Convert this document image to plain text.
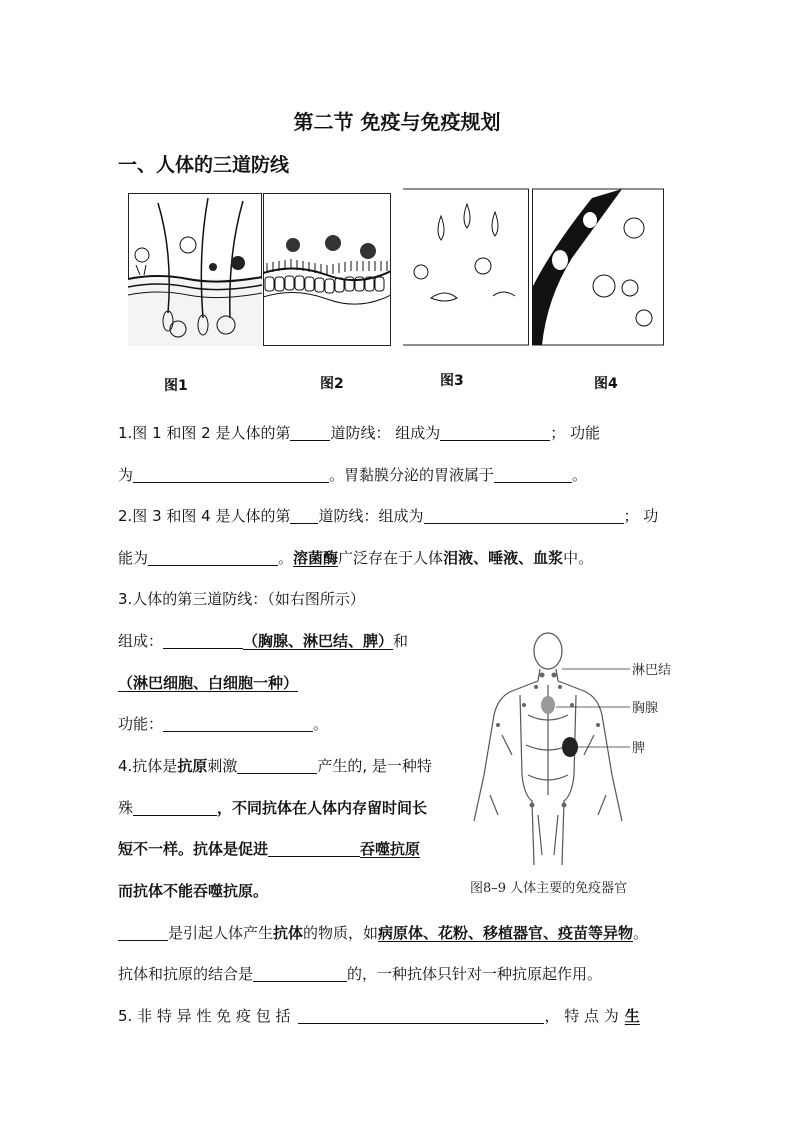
第二节 免疫与免疫规划
一、人体的三道防线
图1	图2	图3	图4
1.图 1 和图 2 是人体的第	道防线： 组成为	； 功能
为	。胃黏膜分泌的胃液属于	。
2.图 3 和图 4 是人体的第 道防线：组成为	； 功
能为	。溶菌酶广泛存在于人体泪液、唾液、血浆中。
3.人体的第三道防线：（如右图所示）
组成：	（胸腺、淋巴结、脾）和
（淋巴细胞、白细胞一种）
功能：	。
4.抗体是抗原刺激	产生的, 是一种特
殊	，不同抗体在人体内存留时间长
短不一样。抗体是促进	吞噬抗原
而抗体不能吞噬抗原。
是引起人体产生抗体的物质，如病原体、花粉、移植器官、疫苗等异物。
抗体和抗原的结合是	的，一种抗体只针对一种抗原起作用。
5. 非 特 异 性 免 疫 包 括	， 特 点 为 生
淋巴结
胸腺
脾
图8–9 人体主要的免疫器官
